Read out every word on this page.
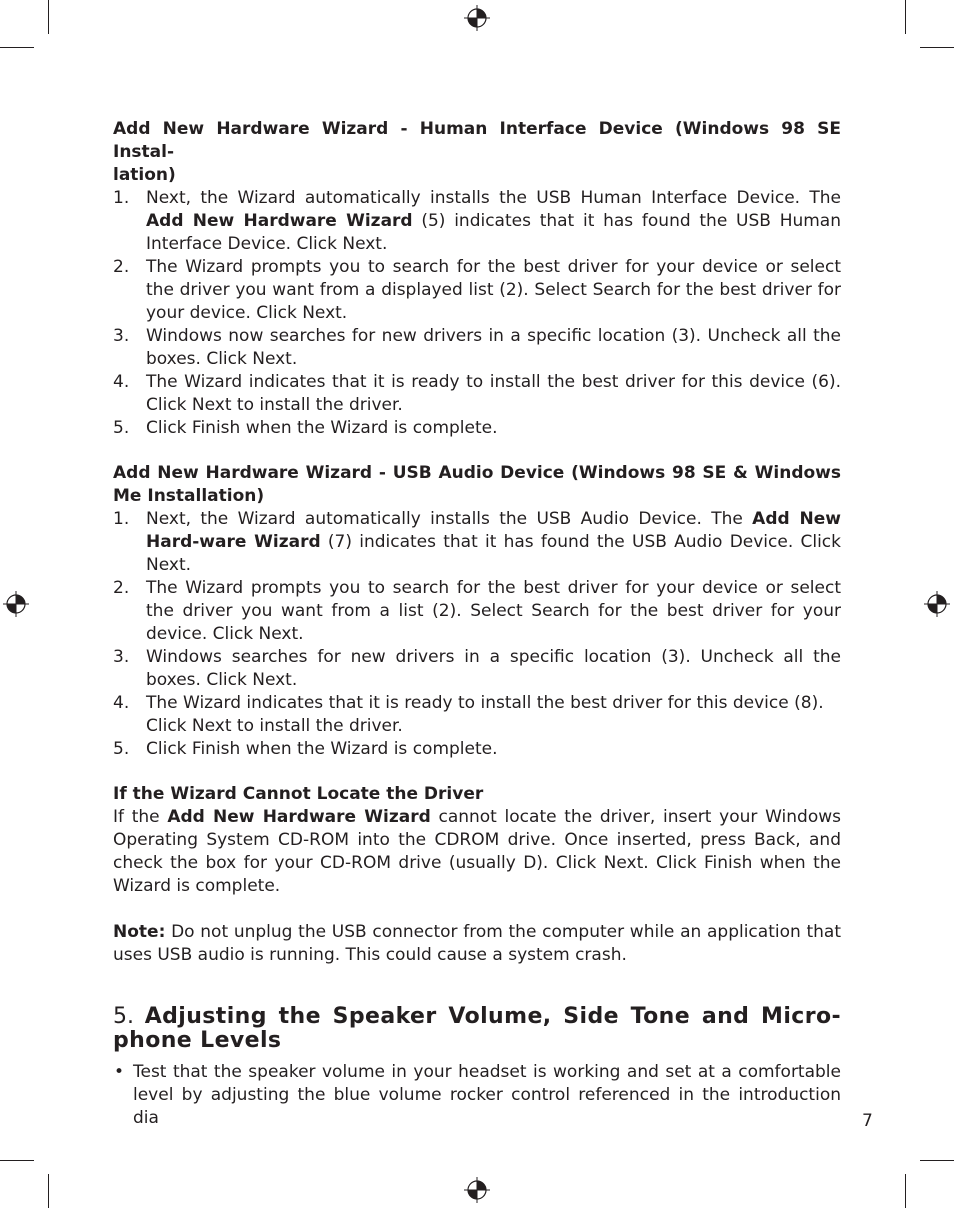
Add New Hardware Wizard - Human Interface Device (Windows 98 SE Instal-
lation)
1. Next, the Wizard automatically installs the USB Human Interface Device. The Add New Hardware Wizard (5) indicates that it has found the USB Human Interface Device. Click Next.
2. The Wizard prompts you to search for the best driver for your device or select the driver you want from a displayed list (2). Select Search for the best driver for your device. Click Next.
3. Windows now searches for new drivers in a specific location (3). Uncheck all the boxes. Click Next.
4. The Wizard indicates that it is ready to install the best driver for this device (6). Click Next to install the driver.
5. Click Finish when the Wizard is complete.
Add New Hardware Wizard - USB Audio Device (Windows 98 SE & Windows Me Installation)
1. Next, the Wizard automatically installs the USB Audio Device. The Add New Hard-ware Wizard (7) indicates that it has found the USB Audio Device. Click Next.
2. The Wizard prompts you to search for the best driver for your device or select the driver you want from a list (2). Select Search for the best driver for your device. Click Next.
3. Windows searches for new drivers in a specific location (3). Uncheck all the boxes. Click Next.
4. The Wizard indicates that it is ready to install the best driver for this device (8).
Click Next to install the driver.
5. Click Finish when the Wizard is complete.
If the Wizard Cannot Locate the Driver

If the Add New Hardware Wizard cannot locate the driver, insert your Windows Operating System CD-ROM into the CDROM drive. Once inserted, press Back, and check the box for your CD-ROM drive (usually D). Click Next. Click Finish when the Wizard is complete.

Note: Do not unplug the USB connector from the computer while an application that uses USB audio is running. This could cause a system crash.

5. Adjusting the Speaker Volume, Side Tone and Micro-phone Levels
• Test that the speaker volume in your headset is working and set at a comfortable level by adjusting the blue volume rocker control referenced in the introduction dia	7
